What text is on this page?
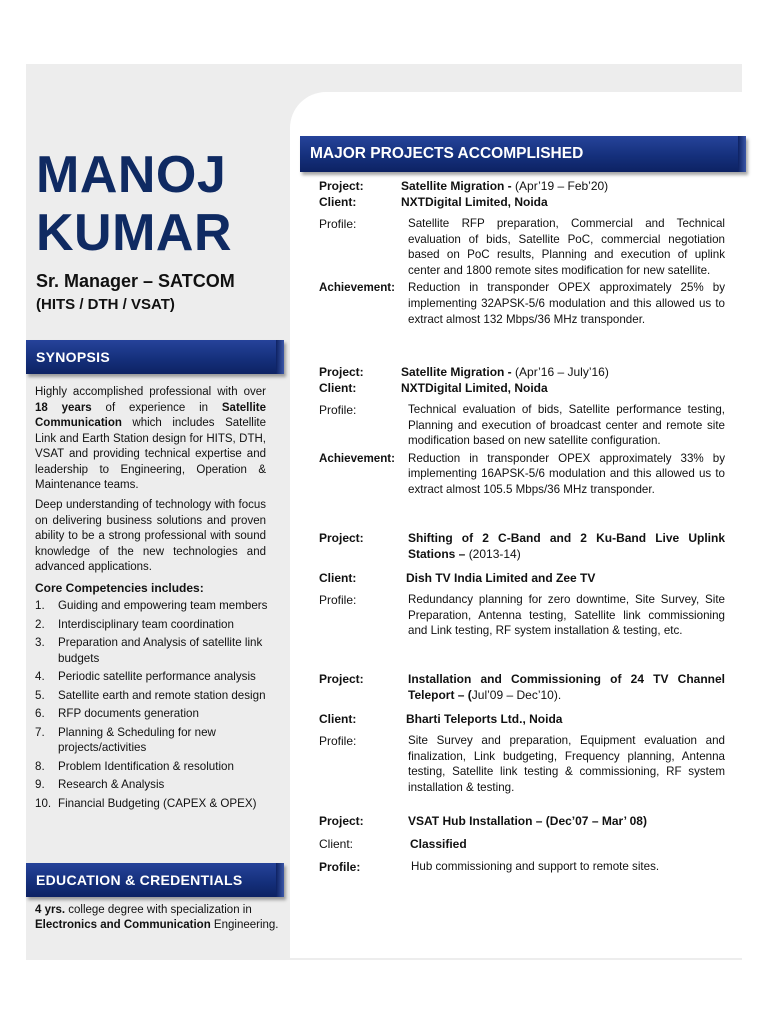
MANOJ
KUMAR
Sr. Manager – SATCOM
(HITS / DTH / VSAT)
SYNOPSIS

Highly accomplished professional with over 18 years of experience in Satellite Communication which includes Satellite Link and Earth Station design for HITS, DTH, VSAT and providing technical expertise and leadership to Engineering, Operation & Maintenance teams.

Deep understanding of technology with focus on delivering business solutions and proven ability to be a strong professional with sound knowledge of the new technologies and advanced applications.

Core Competencies includes:
1. Guiding and empowering team members
2. Interdisciplinary team coordination
3. Preparation and Analysis of satellite link budgets
4. Periodic satellite performance analysis
5. Satellite earth and remote station design
6. RFP documents generation
7. Planning & Scheduling for new projects/activities
8. Problem Identification & resolution
9. Research & Analysis
10. Financial Budgeting (CAPEX & OPEX)
EDUCATION & CREDENTIALS
4 yrs. college degree with specialization in Electronics and Communication Engineering.
MAJOR PROJECTS ACCOMPLISHED
Project:	Satellite Migration - (Apr’19 – Feb’20)
Client:	NXTDigital Limited, Noida
Profile:	Satellite RFP preparation, Commercial and Technical evaluation of bids, Satellite PoC, commercial negotiation based on PoC results, Planning and execution of uplink center and 1800 remote sites modification for new satellite.
Achievement: Reduction in transponder OPEX approximately 25% by implementing 32APSK-5/6 modulation and this allowed us to extract almost 132 Mbps/36 MHz transponder.
Project:	Satellite Migration - (Apr’16 – July’16)
Client:	NXTDigital Limited, Noida
Profile:	Technical evaluation of bids, Satellite performance testing, Planning and execution of broadcast center and remote site modification based on new satellite configuration.
Achievement: Reduction in transponder OPEX approximately 33% by implementing 16APSK-5/6 modulation and this allowed us to extract almost 105.5 Mbps/36 MHz transponder.
Project:	Shifting of 2 C-Band and 2 Ku-Band Live Uplink Stations – (2013-14)
Client:	Dish TV India Limited and Zee TV
Profile:	Redundancy planning for zero downtime, Site Survey, Site Preparation, Antenna testing, Satellite link commissioning and Link testing, RF system installation & testing, etc.
Project:	Installation and Commissioning of 24 TV Channel Teleport – (Jul’09 – Dec’10).
Client:	Bharti Teleports Ltd., Noida
Profile:	Site Survey and preparation, Equipment evaluation and finalization, Link budgeting, Frequency planning, Antenna testing, Satellite link testing & commissioning, RF system installation & testing.
Project:	VSAT Hub Installation – (Dec’07 – Mar’ 08)
Client:	Classified
Profile:	Hub commissioning and support to remote sites.
